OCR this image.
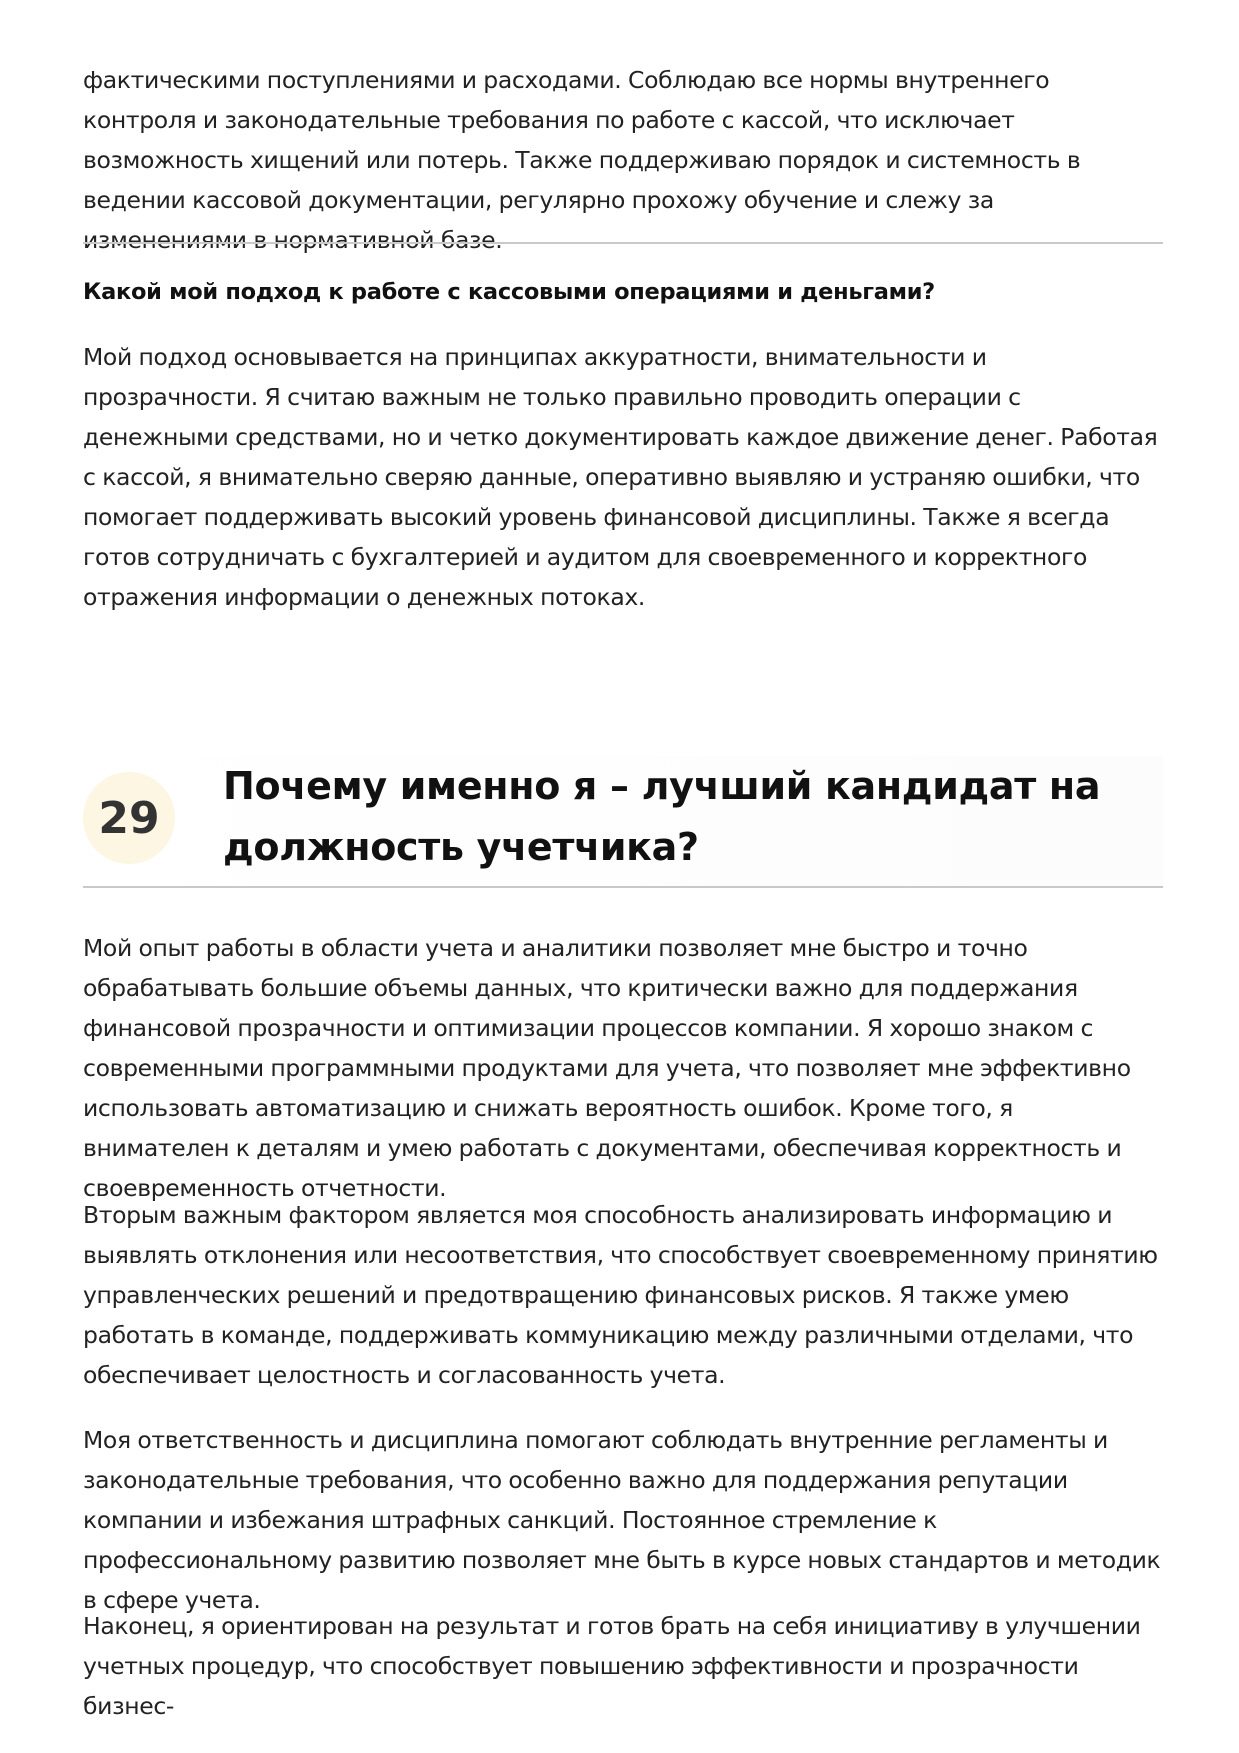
фактическими поступлениями и расходами. Соблюдаю все нормы внутреннего контроля и законодательные требования по работе с кассой, что исключает возможность хищений или потерь. Также поддерживаю порядок и системность в ведении кассовой документации, регулярно прохожу обучение и слежу за изменениями в нормативной базе.

Какой мой подход к работе с кассовыми операциями и деньгами?

Мой подход основывается на принципах аккуратности, внимательности и прозрачности. Я считаю важным не только правильно проводить операции с денежными средствами, но и четко документировать каждое движение денег. Работая с кассой, я внимательно сверяю данные, оперативно выявляю и устраняю ошибки, что помогает поддерживать высокий уровень финансовой дисциплины. Также я всегда готов сотрудничать с бухгалтерией и аудитом для своевременного и корректного отражения информации о денежных потоках.

29
Почему именно я – лучший кандидат на должность учетчика?

Мой опыт работы в области учета и аналитики позволяет мне быстро и точно обрабатывать большие объемы данных, что критически важно для поддержания финансовой прозрачности и оптимизации процессов компании. Я хорошо знаком с современными программными продуктами для учета, что позволяет мне эффективно использовать автоматизацию и снижать вероятность ошибок. Кроме того, я внимателен к деталям и умею работать с документами, обеспечивая корректность и своевременность отчетности.

Вторым важным фактором является моя способность анализировать информацию и выявлять отклонения или несоответствия, что способствует своевременному принятию управленческих решений и предотвращению финансовых рисков. Я также умею работать в команде, поддерживать коммуникацию между различными отделами, что обеспечивает целостность и согласованность учета.

Моя ответственность и дисциплина помогают соблюдать внутренние регламенты и законодательные требования, что особенно важно для поддержания репутации компании и избежания штрафных санкций. Постоянное стремление к профессиональному развитию позволяет мне быть в курсе новых стандартов и методик в сфере учета.

Наконец, я ориентирован на результат и готов брать на себя инициативу в улучшении учетных процедур, что способствует повышению эффективности и прозрачности бизнес-
